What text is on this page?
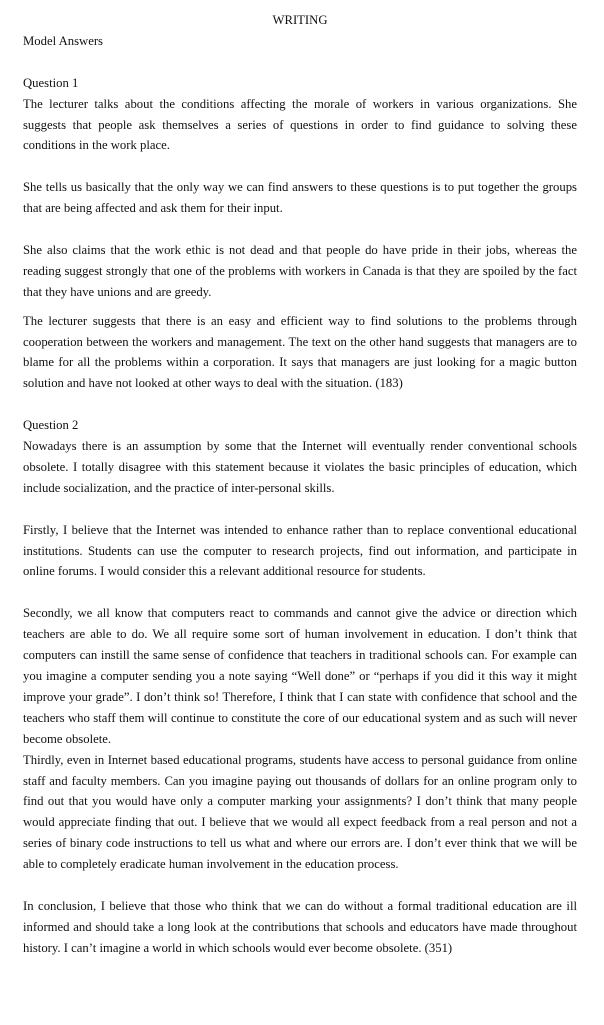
WRITING

Model Answers

Question 1

The lecturer talks about the conditions affecting the morale of workers in various organizations. She suggests that people ask themselves a series of questions in order to find guidance to solving these conditions in the work place.

She tells us basically that the only way we can find answers to these questions is to put together the groups that are being affected and ask them for their input.

She also claims that the work ethic is not dead and that people do have pride in their jobs, whereas the reading suggest strongly that one of the problems with workers in Canada is that they are spoiled by the fact that they have unions and are greedy.

The lecturer suggests that there is an easy and efficient way to find solutions to the problems through cooperation between the workers and management. The text on the other hand suggests that managers are to blame for all the problems within a corporation. It says that managers are just looking for a magic button solution and have not looked at other ways to deal with the situation. (183)

Question 2

Nowadays there is an assumption by some that the Internet will eventually render conventional schools obsolete. I totally disagree with this statement because it violates the basic principles of education, which include socialization, and the practice of inter-personal skills.

Firstly, I believe that the Internet was intended to enhance rather than to replace conventional educational institutions. Students can use the computer to research projects, find out information, and participate in online forums. I would consider this a relevant additional resource for students.

Secondly, we all know that computers react to commands and cannot give the advice or direction which teachers are able to do. We all require some sort of human involvement in education. I don’t think that computers can instill the same sense of confidence that teachers in traditional schools can. For example can you imagine a computer sending you a note saying “Well done” or “perhaps if you did it this way it might improve your grade”. I don’t think so! Therefore, I think that I can state with confidence that school and the teachers who staff them will continue to constitute the core of our educational system and as such will never become obsolete.

Thirdly, even in Internet based educational programs, students have access to personal guidance from online staff and faculty members. Can you imagine paying out thousands of dollars for an online program only to find out that you would have only a computer marking your assignments? I don’t think that many people would appreciate finding that out. I believe that we would all expect feedback from a real person and not a series of binary code instructions to tell us what and where our errors are. I don’t ever think that we will be able to completely eradicate human involvement in the education process.

In conclusion, I believe that those who think that we can do without a formal traditional education are ill informed and should take a long look at the contributions that schools and educators have made throughout history. I can’t imagine a world in which schools would ever become obsolete. (351)
